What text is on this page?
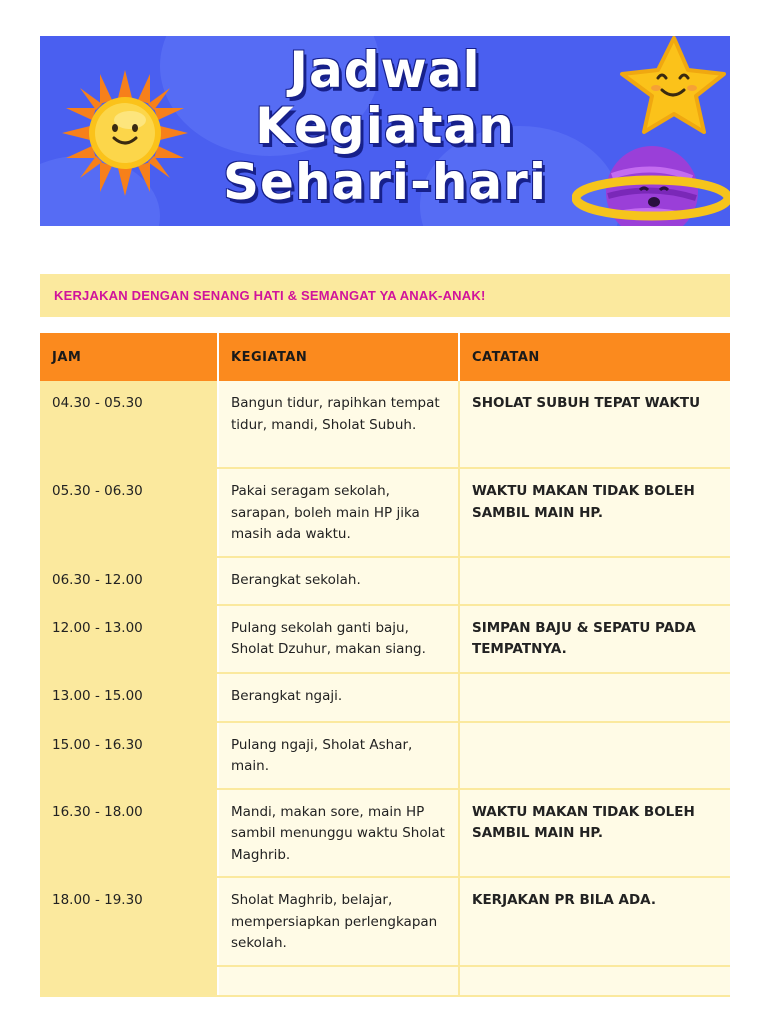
Jadwal
Kegiatan
Sehari-hari
KERJAKAN DENGAN SENANG HATI & SEMANGAT YA ANAK-ANAK!
JAM	KEGIATAN	CATATAN
04.30 - 05.30	Bangun tidur, rapihkan tempat tidur, mandi, Sholat Subuh.	SHOLAT SUBUH TEPAT WAKTU
05.30 - 06.30	Pakai seragam sekolah, sarapan, boleh main HP jika masih ada waktu.	WAKTU MAKAN TIDAK BOLEH SAMBIL MAIN HP.
06.30 - 12.00	Berangkat sekolah.	
12.00 - 13.00	Pulang sekolah ganti baju, Sholat Dzuhur, makan siang.	SIMPAN BAJU & SEPATU PADA TEMPATNYA.
13.00 - 15.00	Berangkat ngaji.	
15.00 - 16.30	Pulang ngaji, Sholat Ashar, main.	
16.30 - 18.00	Mandi, makan sore, main HP sambil menunggu waktu Sholat Maghrib.	WAKTU MAKAN TIDAK BOLEH SAMBIL MAIN HP.
18.00 - 19.30	Sholat Maghrib, belajar, mempersiapkan perlengkapan sekolah.	KERJAKAN PR BILA ADA.
